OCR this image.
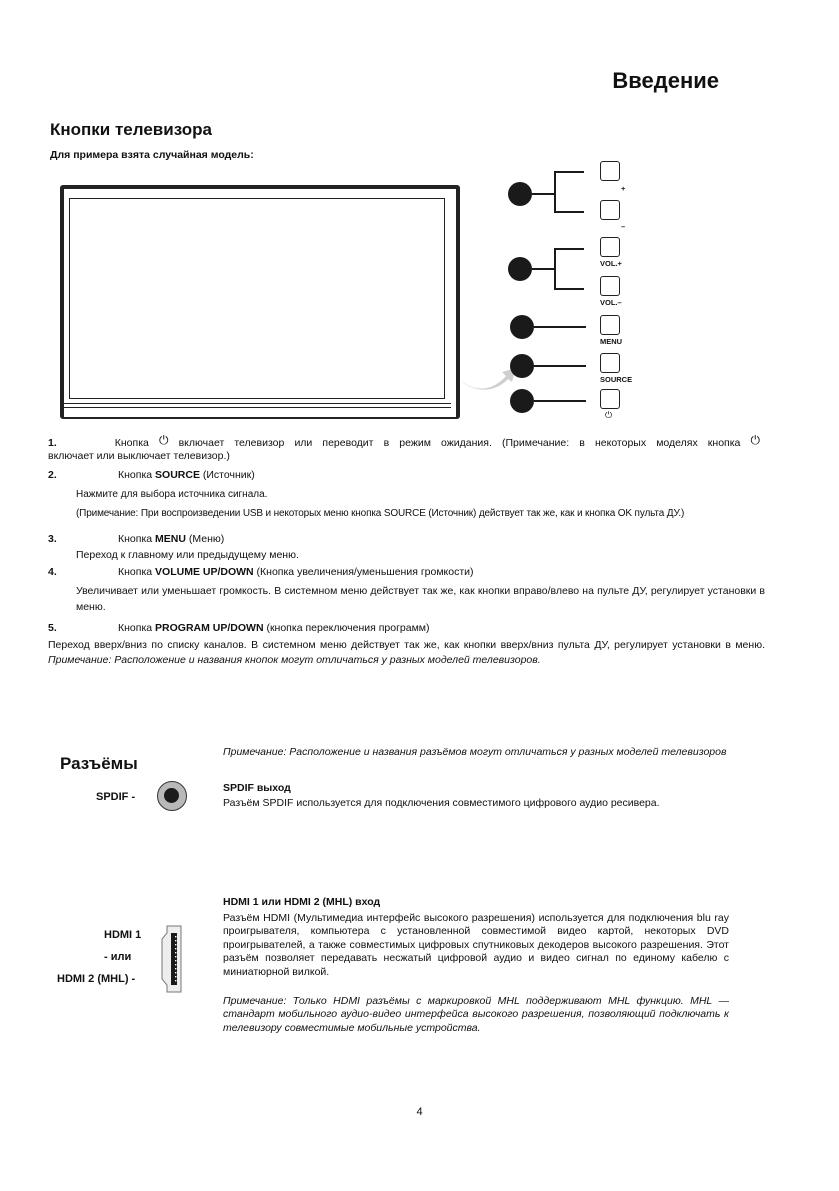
Введение
Кнопки телевизора
Для примера взята случайная модель:
+
–
VOL.+
VOL.–
MENU
SOURCE
⏻
1.	Кнопка ⏻ включает телевизор или переводит в режим ожидания. (Примечание: в некоторых моделях кнопка ⏻
включает или выключает телевизор.)
2.	Кнопка SOURCE (Источник)
Нажмите для выбора источника сигнала.
(Примечание: При воспроизведении USB и некоторых меню кнопка SOURCE (Источник) действует так же, как и кнопка OK пульта ДУ.)
3.	Кнопка MENU (Меню)
Переход к главному или предыдущему меню.
4.	Кнопка VOLUME UP/DOWN (Кнопка увеличения/уменьшения громкости)
Увеличивает или уменьшает громкость. В системном меню действует так же, как кнопки вправо/влево на пульте ДУ, регулирует установки в меню.
5.	Кнопка PROGRAM UP/DOWN (кнопка переключения программ)
Переход вверх/вниз по списку каналов. В системном меню действует так же, как кнопки вверх/вниз пульта ДУ, регулирует установки в меню. Примечание: Расположение и названия кнопок могут отличаться у разных моделей телевизоров.
Разъёмы
Примечание: Расположение и названия разъёмов могут отличаться у разных моделей телевизоров
SPDIF -
SPDIF выход
Разъём SPDIF используется для подключения совместимого цифрового аудио ресивера.
HDMI 1
- или
HDMI 2 (MHL) -
HDMI 1 или HDMI 2 (MHL) вход
Разъём HDMI (Мультимедиа интерфейс высокого разрешения) используется для подключения blu ray проигрывателя, компьютера с установленной совместимой видео картой, некоторых DVD проигрывателей, а также совместимых цифровых спутниковых декодеров высокого разрешения. Этот разъём позволяет передавать несжатый цифровой аудио и видео сигнал по единому кабелю с миниатюрной вилкой.
Примечание: Только HDMI разъёмы с маркировкой MHL поддерживают MHL функцию. MHL — стандарт мобильного аудио-видео интерфейса высокого разрешения, позволяющий подключать к телевизору совместимые мобильные устройства.
4
